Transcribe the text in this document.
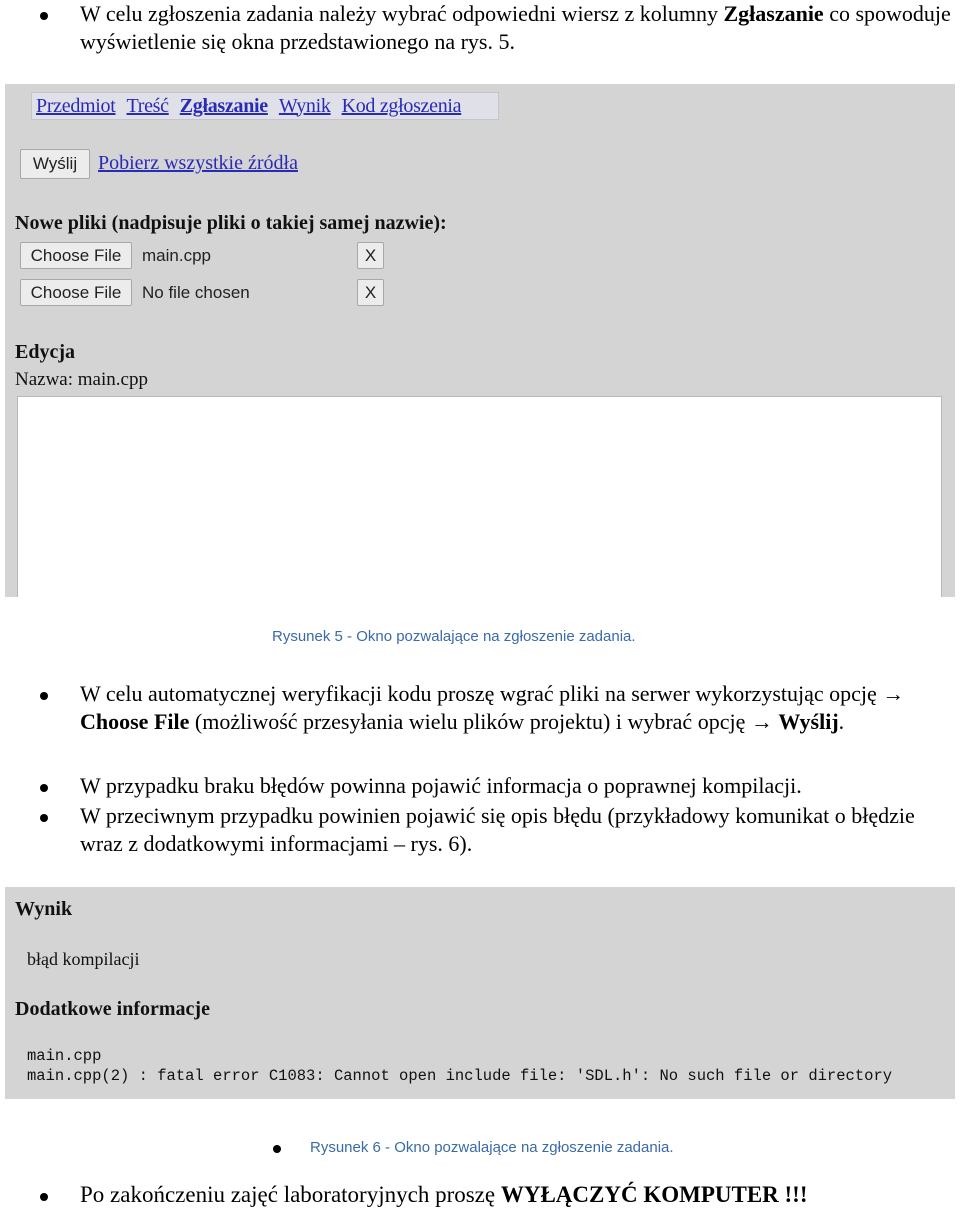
W celu zgłoszenia zadania należy wybrać odpowiedni wiersz z kolumny Zgłaszanie co spowoduje wyświetlenie się okna przedstawionego na rys. 5.

Przedmiot Treść Zgłaszanie Wynik Kod zgłoszenia
Wyślij	Pobierz wszystkie źródła
Nowe pliki (nadpisuje pliki o takiej samej nazwie):
Choose File	main.cpp	X
Choose File	No file chosen	X
Edycja
Nazwa: main.cpp
Rysunek 5 - Okno pozwalające na zgłoszenie zadania.

W celu automatycznej weryfikacji kodu proszę wgrać pliki na serwer wykorzystując opcję → Choose File (możliwość przesyłania wielu plików projektu) i wybrać opcję → Wyślij.

W przypadku braku błędów powinna pojawić informacja o poprawnej kompilacji.

W przeciwnym przypadku powinien pojawić się opis błędu (przykładowy komunikat o błędzie wraz z dodatkowymi informacjami – rys. 6).

Wynik
błąd kompilacji
Dodatkowe informacje
main.cpp
main.cpp(2) : fatal error C1083: Cannot open include file: 'SDL.h': No such file or directory
Rysunek 6 - Okno pozwalające na zgłoszenie zadania.

Po zakończeniu zajęć laboratoryjnych proszę WYŁĄCZYĆ KOMPUTER !!!
